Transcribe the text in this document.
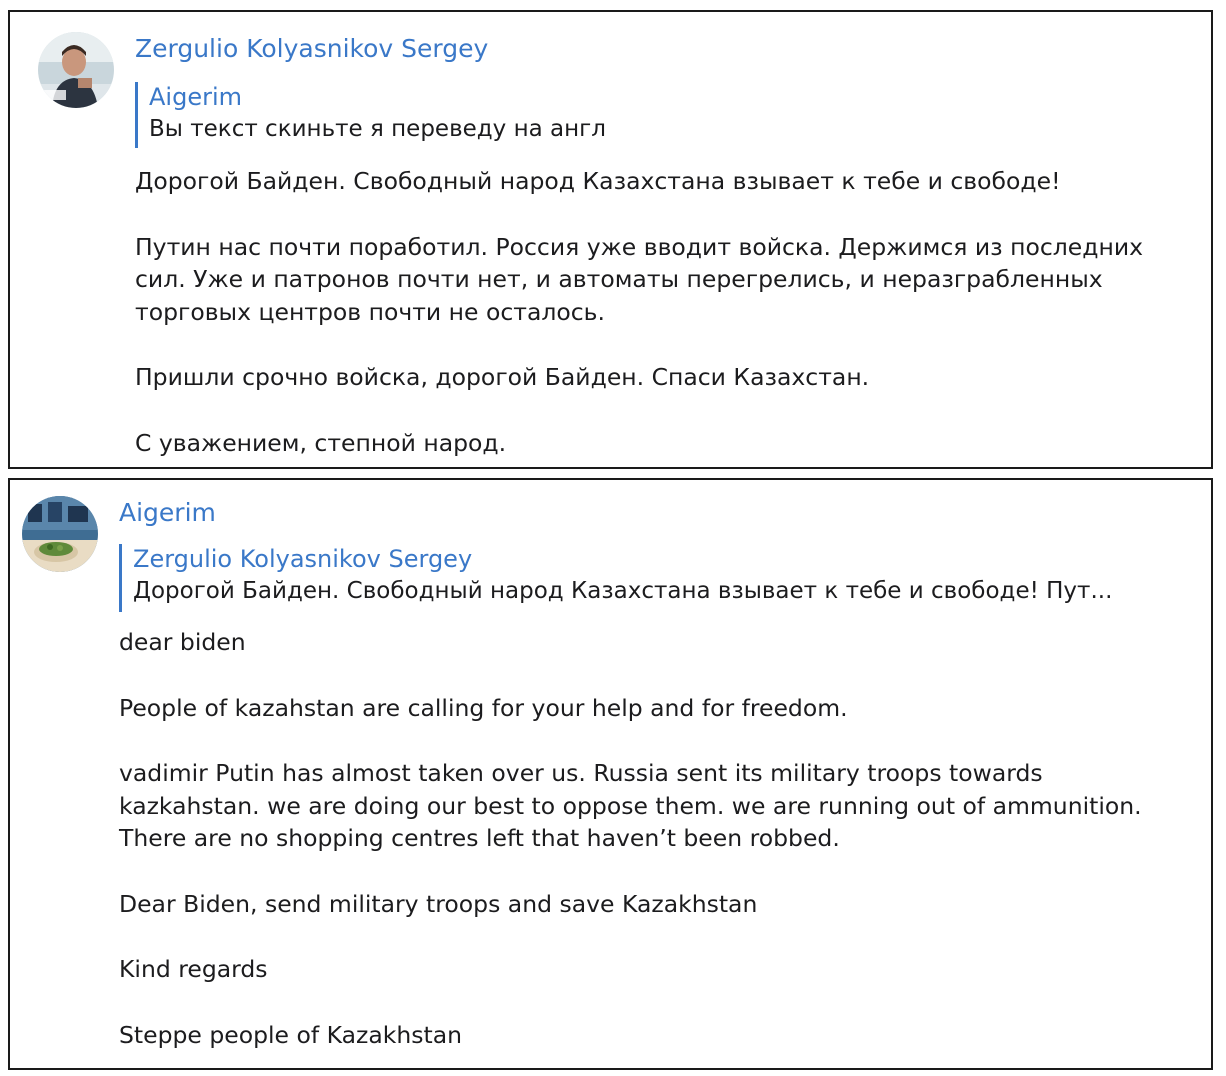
Zergulio Kolyasnikov Sergey
Aigerim
Вы текст скиньте я переведу на англ

Дорогой Байден. Свободный народ Казахстана взывает к тебе и свободе!

Путин нас почти поработил. Россия уже вводит войска. Держимся из последних
сил. Уже и патронов почти нет, и автоматы перегрелись, и неразграбленных
торговых центров почти не осталось.

Пришли срочно войска, дорогой Байден. Спаси Казахстан.

С уважением, степной народ.

Aigerim
Zergulio Kolyasnikov Sergey
Дорогой Байден. Свободный народ Казахстана взывает к тебе и свободе! Пут...

dear biden

People of kazahstan are calling for your help and for freedom.

vadimir Putin has almost taken over us. Russia sent its military troops towards
kazkahstan. we are doing our best to oppose them. we are running out of ammunition.
There are no shopping centres left that haven’t been robbed.

Dear Biden, send military troops and save Kazakhstan

Kind regards

Steppe people of Kazakhstan
